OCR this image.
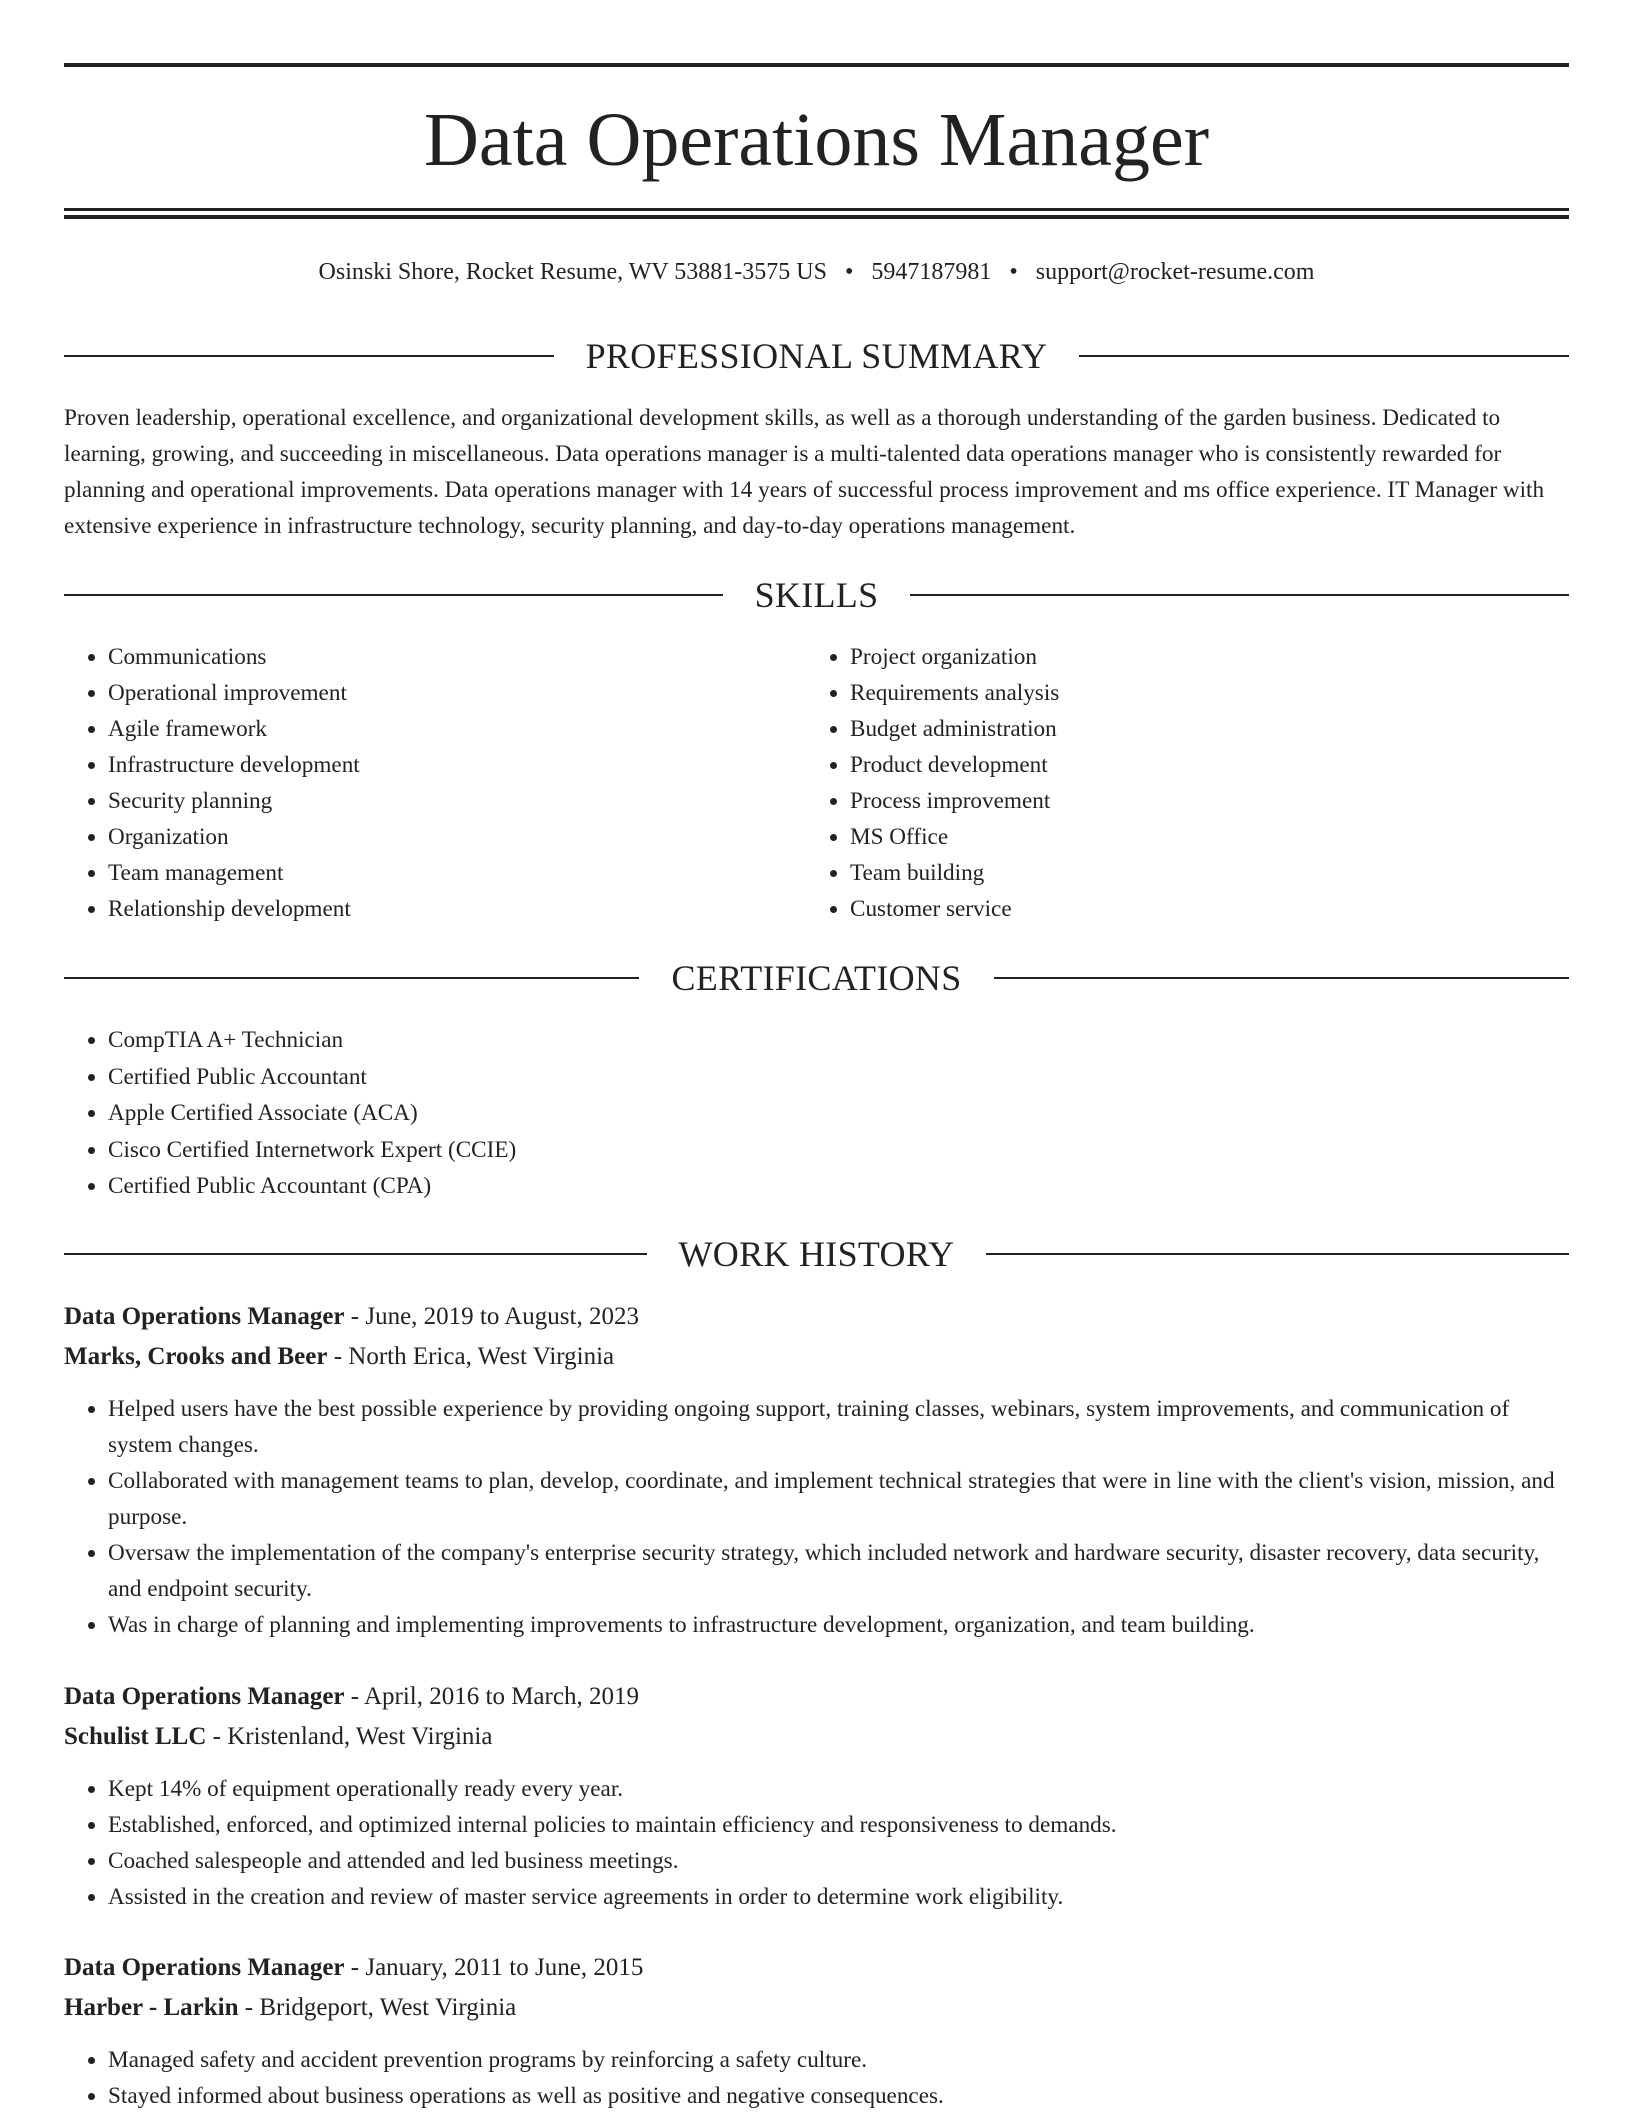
Data Operations Manager
Osinski Shore, Rocket Resume, WV 53881-3575 US • 5947187981 • support@rocket-resume.com
PROFESSIONAL SUMMARY

Proven leadership, operational excellence, and organizational development skills, as well as a thorough understanding of the garden business. Dedicated to learning, growing, and succeeding in miscellaneous. Data operations manager is a multi-talented data operations manager who is consistently rewarded for planning and operational improvements. Data operations manager with 14 years of successful process improvement and ms office experience. IT Manager with extensive experience in infrastructure technology, security planning, and day-to-day operations management.

SKILLS
• Communications
• Operational improvement
• Agile framework
• Infrastructure development
• Security planning
• Organization
• Team management
• Relationship development
• Project organization
• Requirements analysis
• Budget administration
• Product development
• Process improvement
• MS Office
• Team building
• Customer service
CERTIFICATIONS
• CompTIA A+ Technician
• Certified Public Accountant
• Apple Certified Associate (ACA)
• Cisco Certified Internetwork Expert (CCIE)
• Certified Public Accountant (CPA)
WORK HISTORY
Data Operations Manager - June, 2019 to August, 2023
Marks, Crooks and Beer - North Erica, West Virginia
• Helped users have the best possible experience by providing ongoing support, training classes, webinars, system improvements, and communication of system changes.
• Collaborated with management teams to plan, develop, coordinate, and implement technical strategies that were in line with the client's vision, mission, and purpose.
• Oversaw the implementation of the company's enterprise security strategy, which included network and hardware security, disaster recovery, data security, and endpoint security.
• Was in charge of planning and implementing improvements to infrastructure development, organization, and team building.
Data Operations Manager - April, 2016 to March, 2019
Schulist LLC - Kristenland, West Virginia
• Kept 14% of equipment operationally ready every year.
• Established, enforced, and optimized internal policies to maintain efficiency and responsiveness to demands.
• Coached salespeople and attended and led business meetings.
• Assisted in the creation and review of master service agreements in order to determine work eligibility.
Data Operations Manager - January, 2011 to June, 2015
Harber - Larkin - Bridgeport, West Virginia
• Managed safety and accident prevention programs by reinforcing a safety culture.
• Stayed informed about business operations as well as positive and negative consequences.
